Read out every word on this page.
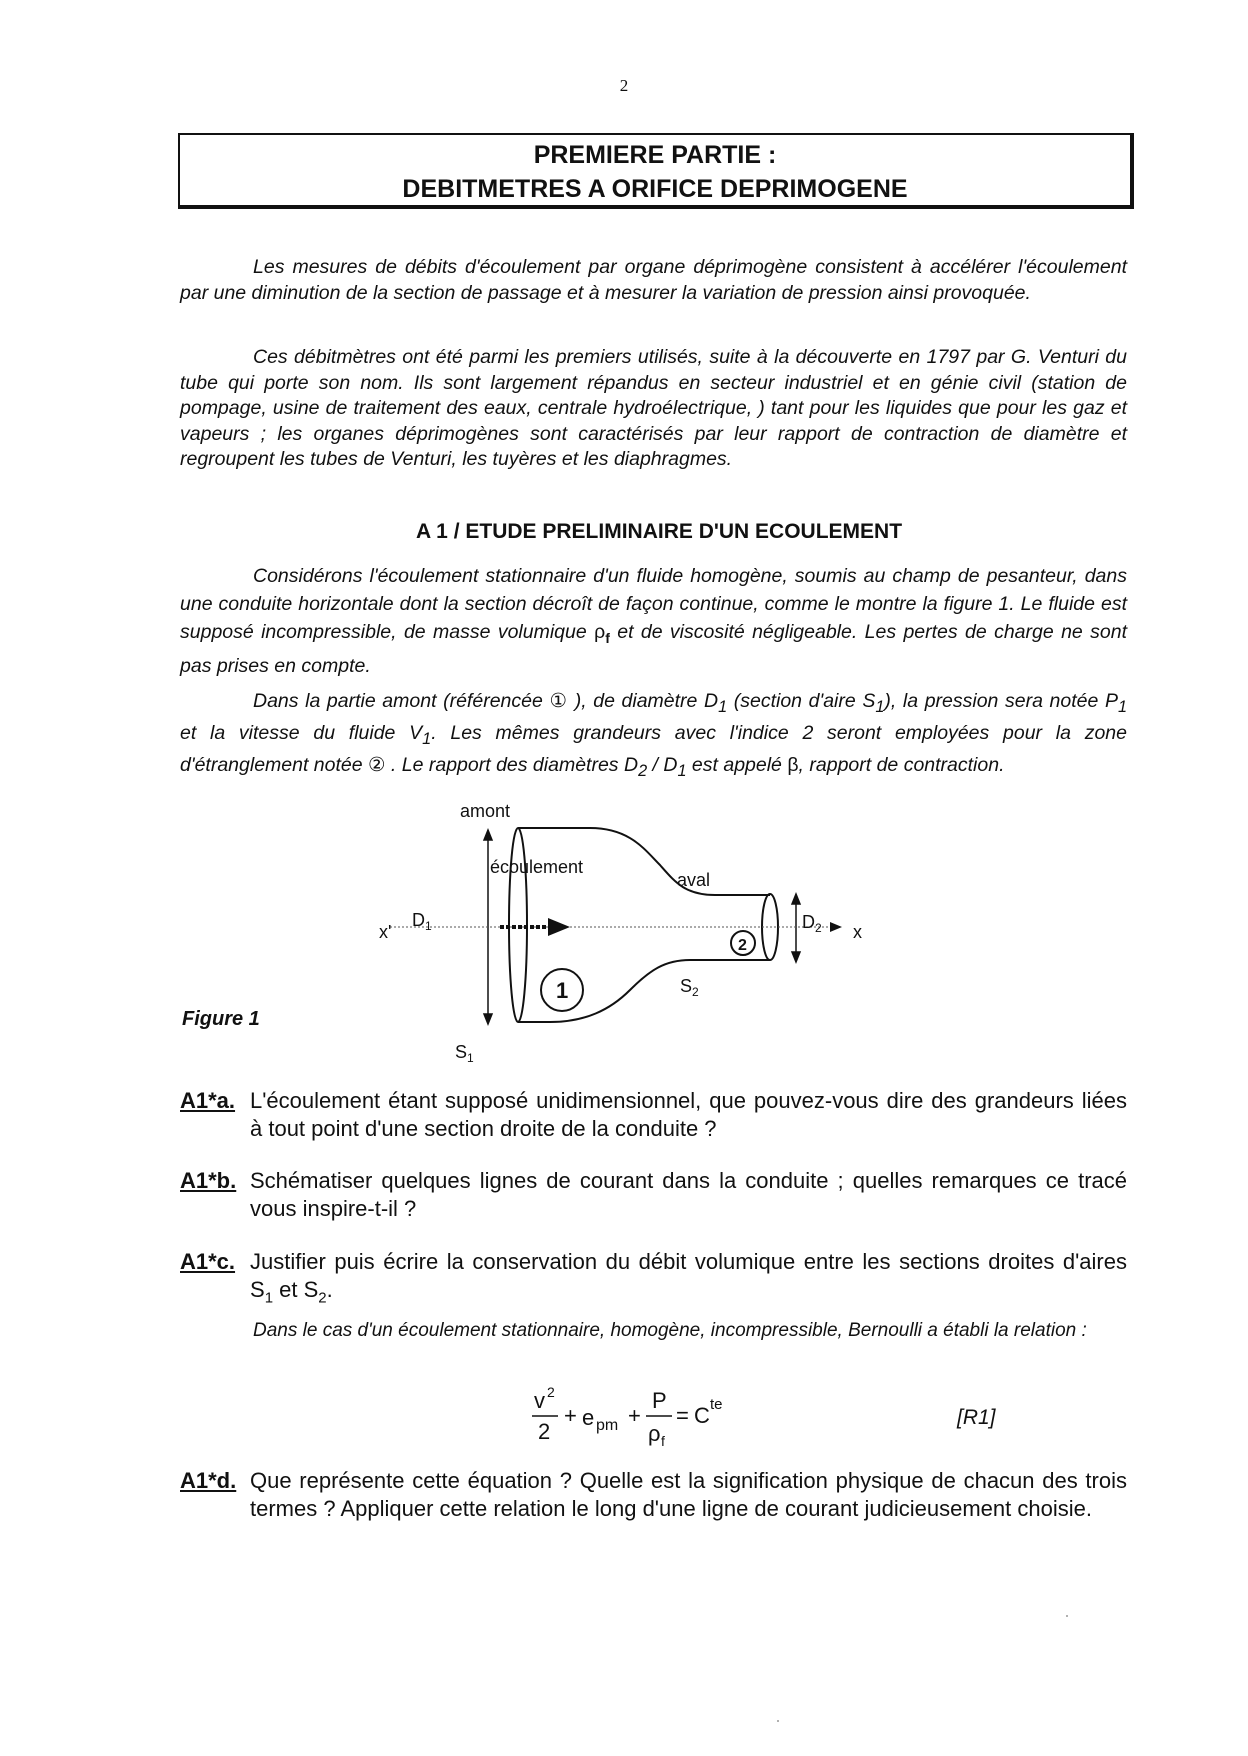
2
PREMIERE PARTIE :
DEBITMETRES A ORIFICE DEPRIMOGENE
Les mesures de débits d'écoulement par organe déprimogène consistent à accélérer l'écoulement par une diminution de la section de passage et à mesurer la variation de pression ainsi provoquée.
Ces débitmètres ont été parmi les premiers utilisés, suite à la découverte en 1797 par G. Venturi du tube qui porte son nom. Ils sont largement répandus en secteur industriel et en génie civil (station de pompage, usine de traitement des eaux, centrale hydroélectrique, ) tant pour les liquides que pour les gaz et vapeurs ; les organes déprimogènes sont caractérisés par leur rapport de contraction de diamètre et regroupent les tubes de Venturi, les tuyères et les diaphragmes.
A 1 / ETUDE PRELIMINAIRE D'UN ECOULEMENT
Considérons l'écoulement stationnaire d'un fluide homogène, soumis au champ de pesanteur, dans une conduite horizontale dont la section décroît de façon continue, comme le montre la figure 1. Le fluide est supposé incompressible, de masse volumique $\rho_f$ et de viscosité négligeable. Les pertes de charge ne sont pas prises en compte.
Dans la partie amont (référencée ① ), de diamètre $D_1$ (section d'aire $S_1$), la pression sera notée $P_1$ et la vitesse du fluide $V_1$. Les mêmes grandeurs avec l'indice 2 seront employées pour la zone d'étranglement notée ② . Le rapport des diamètres $D_2 / D_1$ est appelé β, rapport de contraction.
amont
écoulement
aval
x'	x
$D_1$	$D_2$
$S_1$
$S_2$
1
2
Figure 1
A1*a. L'écoulement étant supposé unidimensionnel, que pouvez-vous dire des grandeurs liées à tout point d'une section droite de la conduite ?
A1*b. Schématiser quelques lignes de courant dans la conduite ; quelles remarques ce tracé vous inspire-t-il ?
A1*c. Justifier puis écrire la conservation du débit volumique entre les sections droites d'aires $S_1$ et $S_2$.
Dans le cas d'un écoulement stationnaire, homogène, incompressible, Bernoulli a établi la relation :
v 2
2
+ e pm +
P
ρ f
= C te
[R1]
A1*d. Que représente cette équation ? Quelle est la signification physique de chacun des trois termes ? Appliquer cette relation le long d'une ligne de courant judicieusement choisie.
